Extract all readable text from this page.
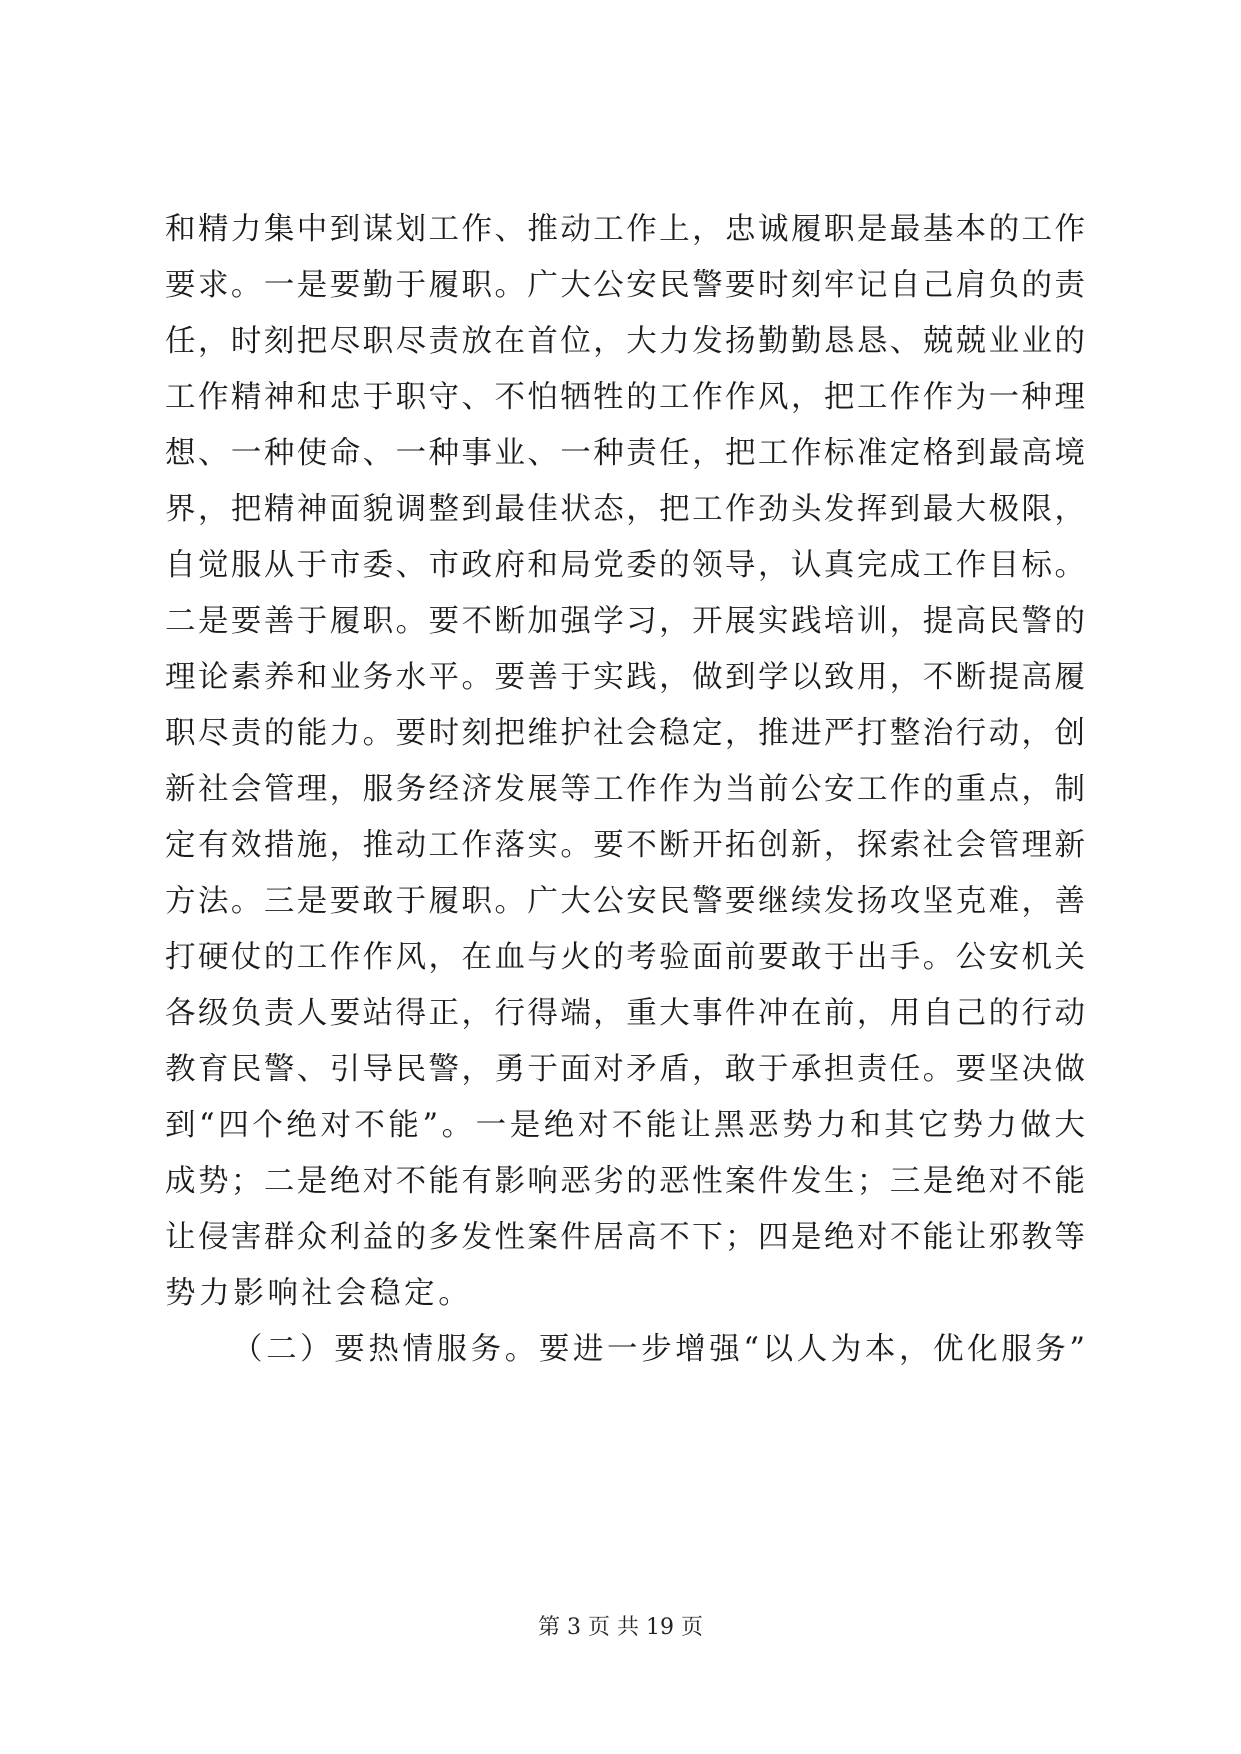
和精力集中到谋划工作、推动工作上，忠诚履职是最基本的工作
要求。一是要勤于履职。广大公安民警要时刻牢记自己肩负的责
任，时刻把尽职尽责放在首位，大力发扬勤勤恳恳、兢兢业业的
工作精神和忠于职守、不怕牺牲的工作作风，把工作作为一种理
想、一种使命、一种事业、一种责任，把工作标准定格到最高境
界，把精神面貌调整到最佳状态，把工作劲头发挥到最大极限，
自觉服从于市委、市政府和局党委的领导，认真完成工作目标。
二是要善于履职。要不断加强学习，开展实践培训，提高民警的
理论素养和业务水平。要善于实践，做到学以致用，不断提高履
职尽责的能力。要时刻把维护社会稳定，推进严打整治行动，创
新社会管理，服务经济发展等工作作为当前公安工作的重点，制
定有效措施，推动工作落实。要不断开拓创新，探索社会管理新
方法。三是要敢于履职。广大公安民警要继续发扬攻坚克难，善
打硬仗的工作作风，在血与火的考验面前要敢于出手。公安机关
各级负责人要站得正，行得端，重大事件冲在前，用自己的行动
教育民警、引导民警，勇于面对矛盾，敢于承担责任。要坚决做
到“四个绝对不能”。一是绝对不能让黑恶势力和其它势力做大
成势；二是绝对不能有影响恶劣的恶性案件发生；三是绝对不能
让侵害群众利益的多发性案件居高不下；四是绝对不能让邪教等
势力影响社会稳定。
（二）要热情服务。要进一步增强“以人为本，优化服务”
第 3 页 共 19 页
